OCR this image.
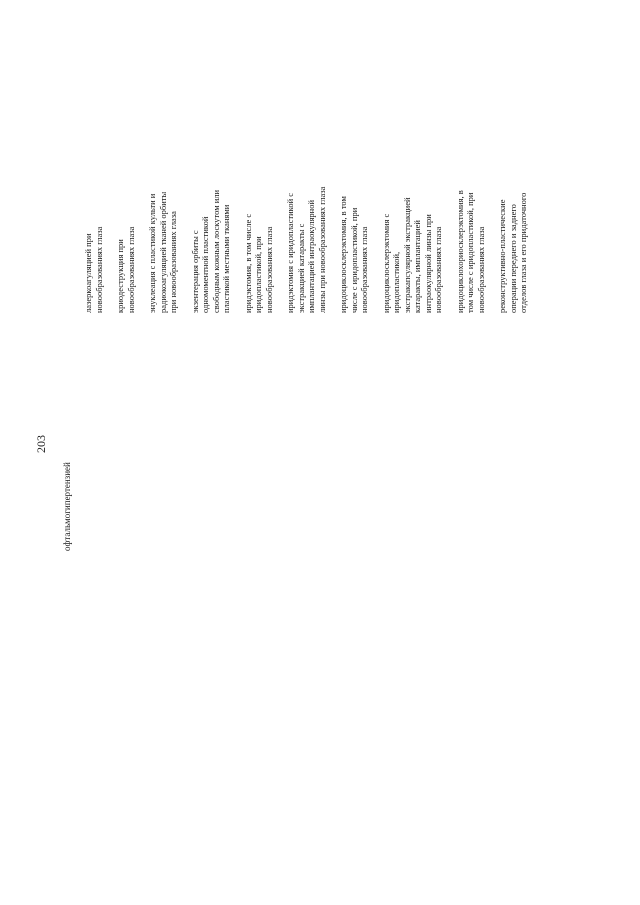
203
офтальмогипертензией
лазеркоагуляцией при новообразованиях глаза криодеструкция при новообразованиях глаза энуклеация с пластикой культи и радиокоагуляцией тканей орбиты при новообразованиях глаза экзентерация орбиты с одномоментной пластикой свободным кожным лоскутом или пластикой местными тканями иридэктомия, в том числе с иридопластикой, при новообразованиях глаза иридэктомия с иридопластикой с экстракцией катаракты с имплантацией интраокулярной линзы при новообразованиях глаза иридоциклосклерэктомия, в том числе с иридопластикой, при новообразованиях глаза иридоциклосклерэктомия с иридопластикой, экстракапсулярной экстракцией катаракты, имплантацией интраокулярной линзы при новообразованиях глаза иридоциклохориосклерэктомия, в том числе с иридопластикой, при новообразованиях глаза реконструктивно-пластические операции переднего и заднего отделов глаза и его придаточного
